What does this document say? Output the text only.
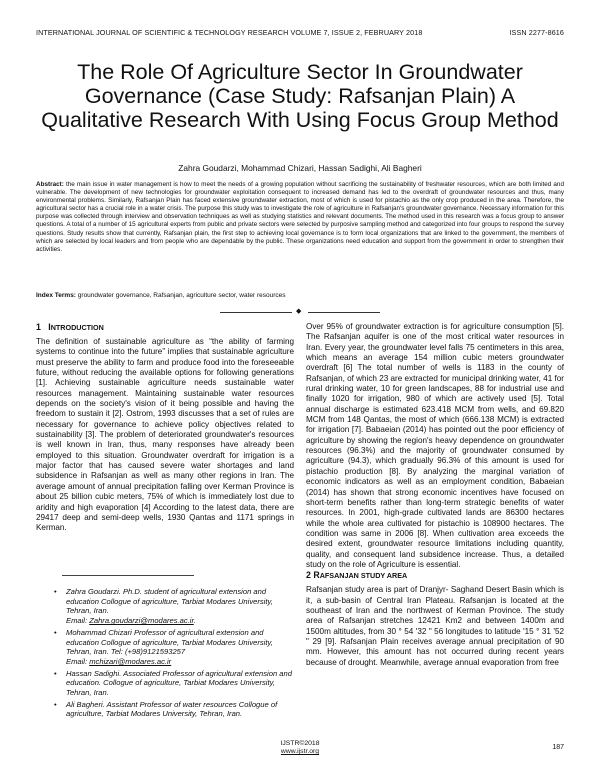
INTERNATIONAL JOURNAL OF SCIENTIFIC & TECHNOLOGY RESEARCH VOLUME 7, ISSUE 2, FEBRUARY 2018	ISSN 2277-8616
The Role Of Agriculture Sector In Groundwater Governance (Case Study: Rafsanjan Plain) A Qualitative Research With Using Focus Group Method
Zahra Goudarzi, Mohammad Chizari, Hassan Sadighi, Ali Bagheri
Abstract: the main issue in water management is how to meet the needs of a growing population without sacrificing the sustainability of freshwater resources, which are both limited and vulnerable. The development of new technologies for groundwater exploitation consequent to increased demand has led to the overdraft of groundwater resources and thus, many environmental problems. Similarly, Rafsanjan Plain has faced extensive groundwater extraction, most of which is used for pistachio as the only crop produced in the area. Therefore, the agricultural sector has a crucial role in a water crisis. The purpose this study was to investigate the role of agriculture in Rafsanjan's groundwater governance. Necessary information for this purpose was collected through interview and observation techniques as well as studying statistics and relevant documents. The method used in this research was a focus group to answer questions. A total of a number of 15 agricultural experts from public and private sectors were selected by purposive sampling method and categorized into four groups to respond the survey questions. Study results show that currently, Rafsanjan plain, the first step to achieving local governance is to form local organizations that are linked to the government, the members of which are selected by local leaders and from people who are dependable by the public. These organizations need education and support from the government in order to strengthen their activities.
Index Terms: groundwater governance, Rafsanjan, agriculture sector, water resources
◆
1 INTRODUCTION

The definition of sustainable agriculture as “the ability of farming systems to continue into the future” implies that sustainable agriculture must preserve the ability to farm and produce food into the foreseeable future, without reducing the available options for following generations [1]. Achieving sustainable agriculture needs sustainable water resources management. Maintaining sustainable water resources depends on the society's vision of it being possible and having the freedom to sustain it [2]. Ostrom, 1993 discusses that a set of rules are necessary for governance to achieve policy objectives related to sustainability [3]. The problem of deteriorated groundwater's resources is well known in Iran, thus, many responses have already been employed to this situation. Groundwater overdraft for irrigation is a major factor that has caused severe water shortages and land subsidence in Rafsanjan as well as many other regions in Iran. The average amount of annual precipitation falling over Kerman Province is about 25 billion cubic meters, 75% of which is immediately lost due to aridity and high evaporation [4] According to the latest data, there are 29417 deep and semi-deep wells, 1930 Qantas and 1171 springs in Kerman.

• Zahra Goudarzi. Ph.D. student of agricultural extension and education Collogue of agriculture, Tarbiat Modares University, Tehran, Iran.
Email: Zahra.goudarzi@modares.ac.ir.
• Mohammad Chizari Professor of agricultural extension and education Collogue of agriculture, Tarbiat Modares University, Tehran, Iran. Tel: (+98)9121593257
Email: mchizari@modares.ac.ir
• Hassan Sadighi. Associated Professor of agricultural extension and education. Collogue of agriculture, Tarbiat Modares University, Tehran, Iran.
• Ali Bagheri. Assistant Professor of water resources Collogue of agriculture, Tarbiat Modares University, Tehran, Iran.

Over 95% of groundwater extraction is for agriculture consumption [5]. The Rafsanjan aquifer is one of the most critical water resources in Iran. Every year, the groundwater level falls 75 centimeters in this area, which means an average 154 million cubic meters groundwater overdraft [6] The total number of wells is 1183 in the county of Rafsanjan, of which 23 are extracted for municipal drinking water, 41 for rural drinking water, 10 for green landscapes, 88 for industrial use and finally 1020 for irrigation, 980 of which are actively used [5]. Total annual discharge is estimated 623.418 MCM from wells, and 69.820 MCM from 148 Qantas, the most of which (666.138 MCM) is extracted for irrigation [7]. Babaeian (2014) has pointed out the poor efficiency of agriculture by showing the region's heavy dependence on groundwater resources (96.3%) and the majority of groundwater consumed by agriculture (94.3), which gradually 96.3% of this amount is used for pistachio production [8]. By analyzing the marginal variation of economic indicators as well as an employment condition, Babaeian (2014) has shown that strong economic incentives have focused on short-term benefits rather than long-term strategic benefits of water resources. In 2001, high-grade cultivated lands are 86300 hectares while the whole area cultivated for pistachio is 108900 hectares. The condition was same in 2006 [8]. When cultivation area exceeds the desired extent, groundwater resource limitations including quantity, quality, and consequent land subsidence increase. Thus, a detailed study on the role of Agriculture is essential.

2 RAFSANJAN STUDY AREA

Rafsanjan study area is part of Dranjyr- Saghand Desert Basin which is it, a sub-basin of Central Iran Plateau. Rafsanjan is located at the southeast of Iran and the northwest of Kerman Province. The study area of Rafsanjan stretches 12421 Km2 and between 1400m and 1500m altitudes, from 30 ° 54 '32 " 56 longitudes to latitude '15 ° 31 '52 " 29 [9]. Rafsanjan Plain receives average annual precipitation of 90 mm. However, this amount has not occurred during recent years because of drought. Meanwhile, average annual evaporation from free

IJSTR©2018
www.ijstr.org
187
